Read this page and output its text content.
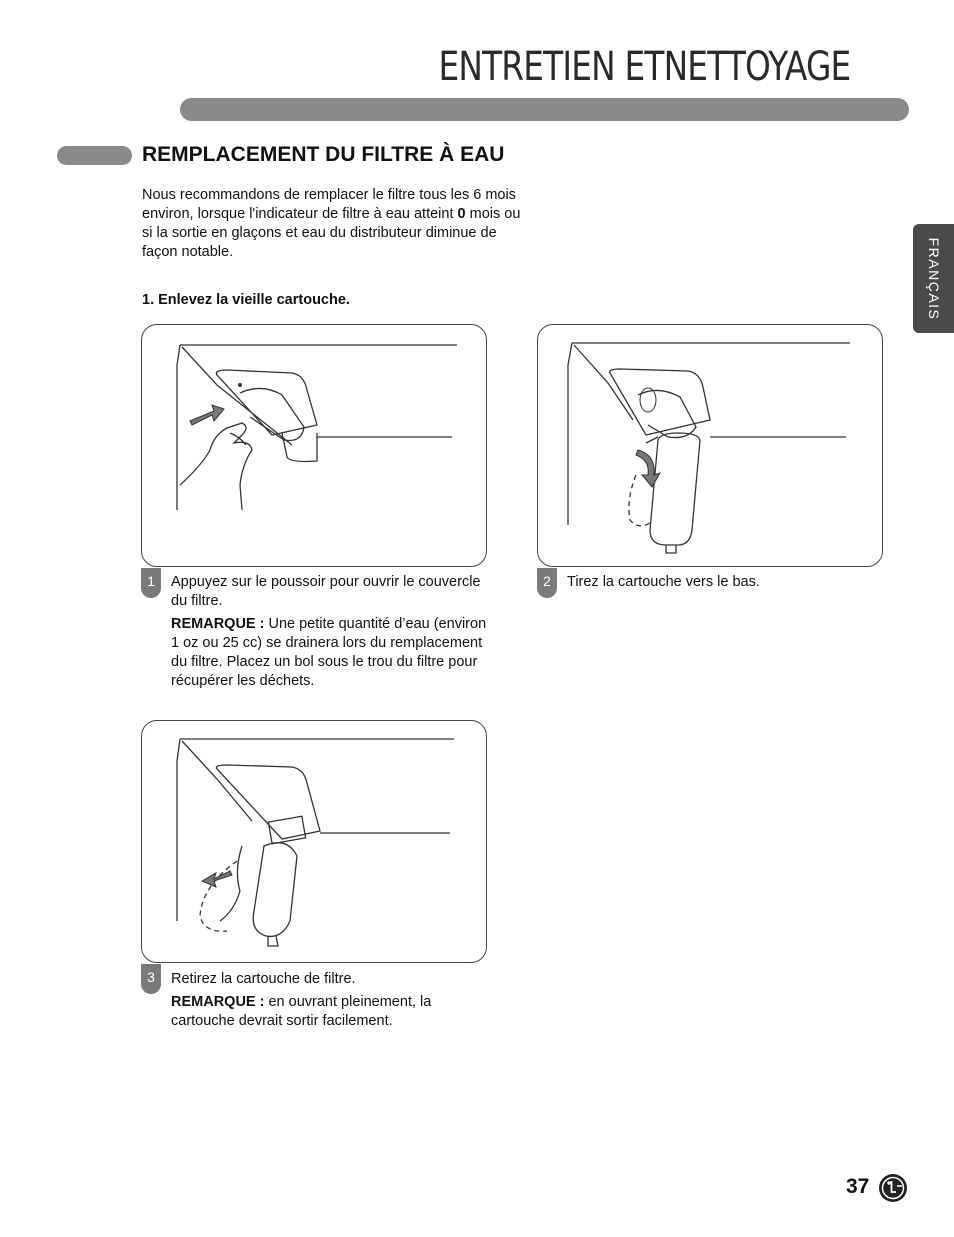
ENTRETIEN ETNETTOYAGE
REMPLACEMENT DU FILTRE À EAU

Nous recommandons de remplacer le filtre tous les 6 mois environ, lorsque l'indicateur de filtre à eau atteint 0 mois ou si la sortie en glaçons et eau du distributeur diminue de façon notable.

1. Enlevez la vieille cartouche.	FRANÇAIS
1	Appuyez sur le poussoir pour ouvrir le couvercle du filtre.

REMARQUE : Une petite quantité d’eau (environ 1 oz ou 25 cc) se drainera lors du remplacement du filtre. Placez un bol sous le trou du filtre pour récupérer les déchets.

2	Tirez la cartouche vers le bas.

3	Retirez la cartouche de filtre.

REMARQUE : en ouvrant pleinement, la cartouche devrait sortir facilement.

37
